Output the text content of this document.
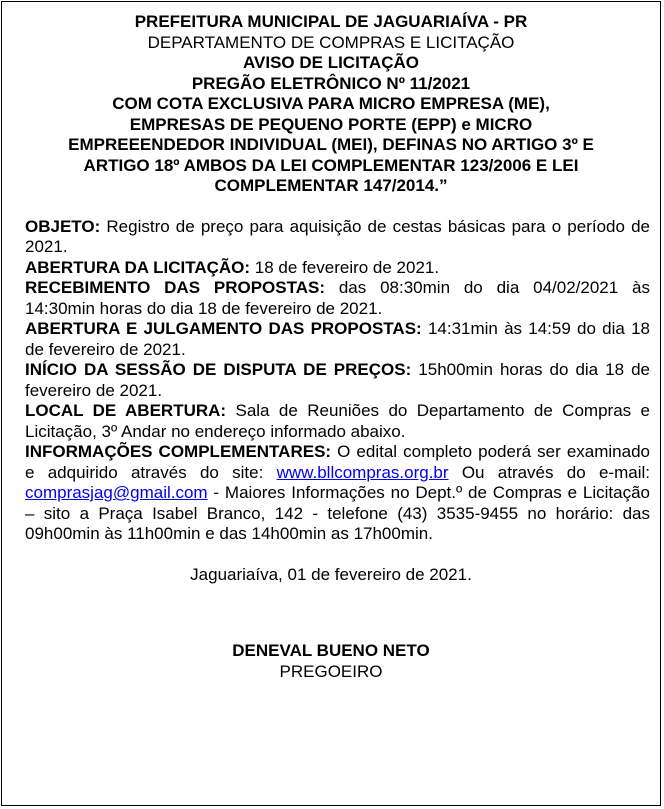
PREFEITURA MUNICIPAL DE JAGUARIAÍVA - PR
DEPARTAMENTO DE COMPRAS E LICITAÇÃO
AVISO DE LICITAÇÃO
PREGÃO ELETRÔNICO Nº 11/2021
COM COTA EXCLUSIVA PARA MICRO EMPRESA (ME),
EMPRESAS DE PEQUENO PORTE (EPP) e MICRO
EMPREEENDEDOR INDIVIDUAL (MEI), DEFINAS NO ARTIGO 3º E
ARTIGO 18º AMBOS DA LEI COMPLEMENTAR 123/2006 E LEI
COMPLEMENTAR 147/2014.”

OBJETO: Registro de preço para aquisição de cestas básicas para o período de 2021.

ABERTURA DA LICITAÇÃO: 18 de fevereiro de 2021.

RECEBIMENTO DAS PROPOSTAS: das 08:30min do dia 04/02/2021 às 14:30min horas do dia 18 de fevereiro de 2021.

ABERTURA E JULGAMENTO DAS PROPOSTAS: 14:31min às 14:59 do dia 18 de fevereiro de 2021.

INÍCIO DA SESSÃO DE DISPUTA DE PREÇOS: 15h00min horas do dia 18 de fevereiro de 2021.

LOCAL DE ABERTURA: Sala de Reuniões do Departamento de Compras e Licitação, 3º Andar no endereço informado abaixo.

INFORMAÇÕES COMPLEMENTARES: O edital completo poderá ser examinado e adquirido através do site: www.bllcompras.org.br Ou através do e-mail: comprasjag@gmail.com - Maiores Informações no Dept.º de Compras e Licitação – sito a Praça Isabel Branco, 142 - telefone (43) 3535-9455 no horário: das 09h00min às 11h00min e das 14h00min as 17h00min.

Jaguariaíva, 01 de fevereiro de 2021.
DENEVAL BUENO NETO
PREGOEIRO
